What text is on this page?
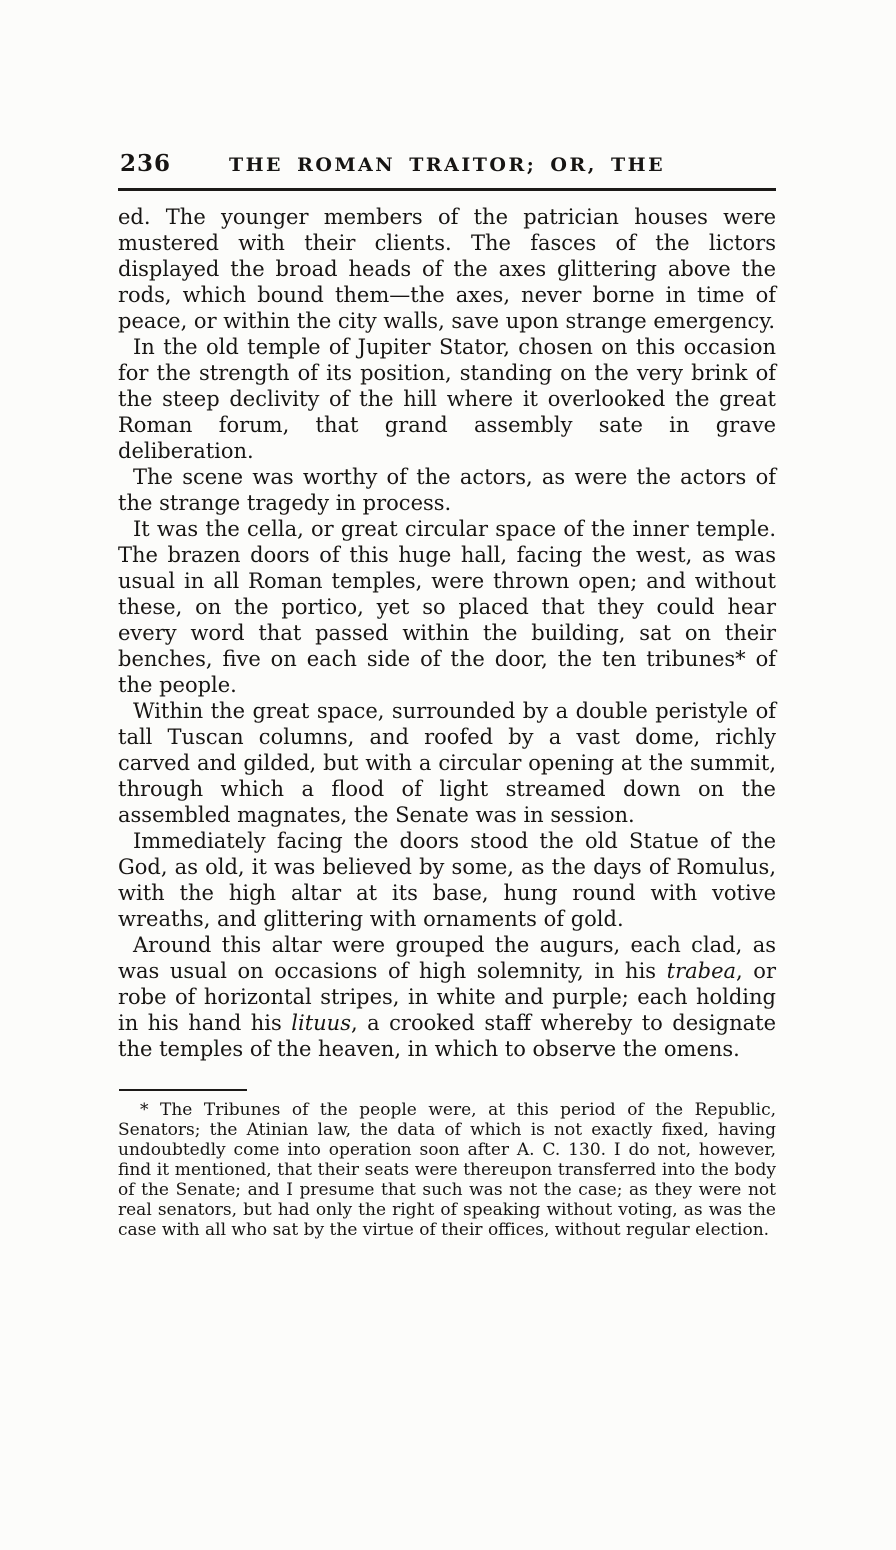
236	THE ROMAN TRAITOR; OR, THE

ed. The younger members of the patrician houses were mustered with their clients. The fasces of the lictors displayed the broad heads of the axes glittering above the rods, which bound them—the axes, never borne in time of peace, or within the city walls, save upon strange emergency.

In the old temple of Jupiter Stator, chosen on this occasion for the strength of its position, standing on the very brink of the steep declivity of the hill where it overlooked the great Roman forum, that grand assembly sate in grave deliberation.

The scene was worthy of the actors, as were the actors of the strange tragedy in process.

It was the cella, or great circular space of the inner temple. The brazen doors of this huge hall, facing the west, as was usual in all Roman temples, were thrown open; and without these, on the portico, yet so placed that they could hear every word that passed within the building, sat on their benches, five on each side of the door, the ten tribunes* of the people.

Within the great space, surrounded by a double peristyle of tall Tuscan columns, and roofed by a vast dome, richly carved and gilded, but with a circular opening at the summit, through which a flood of light streamed down on the assembled magnates, the Senate was in session.

Immediately facing the doors stood the old Statue of the God, as old, it was believed by some, as the days of Romulus, with the high altar at its base, hung round with votive wreaths, and glittering with ornaments of gold.

Around this altar were grouped the augurs, each clad, as was usual on occasions of high solemnity, in his trabea, or robe of horizontal stripes, in white and purple; each holding in his hand his lituus, a crooked staff whereby to designate the temples of the heaven, in which to observe the omens.

* The Tribunes of the people were, at this period of the Republic, Senators; the Atinian law, the data of which is not exactly fixed, having undoubtedly come into operation soon after A. C. 130. I do not, however, find it mentioned, that their seats were thereupon transferred into the body of the Senate; and I presume that such was not the case; as they were not real senators, but had only the right of speaking without voting, as was the case with all who sat by the virtue of their offices, without regular election.
